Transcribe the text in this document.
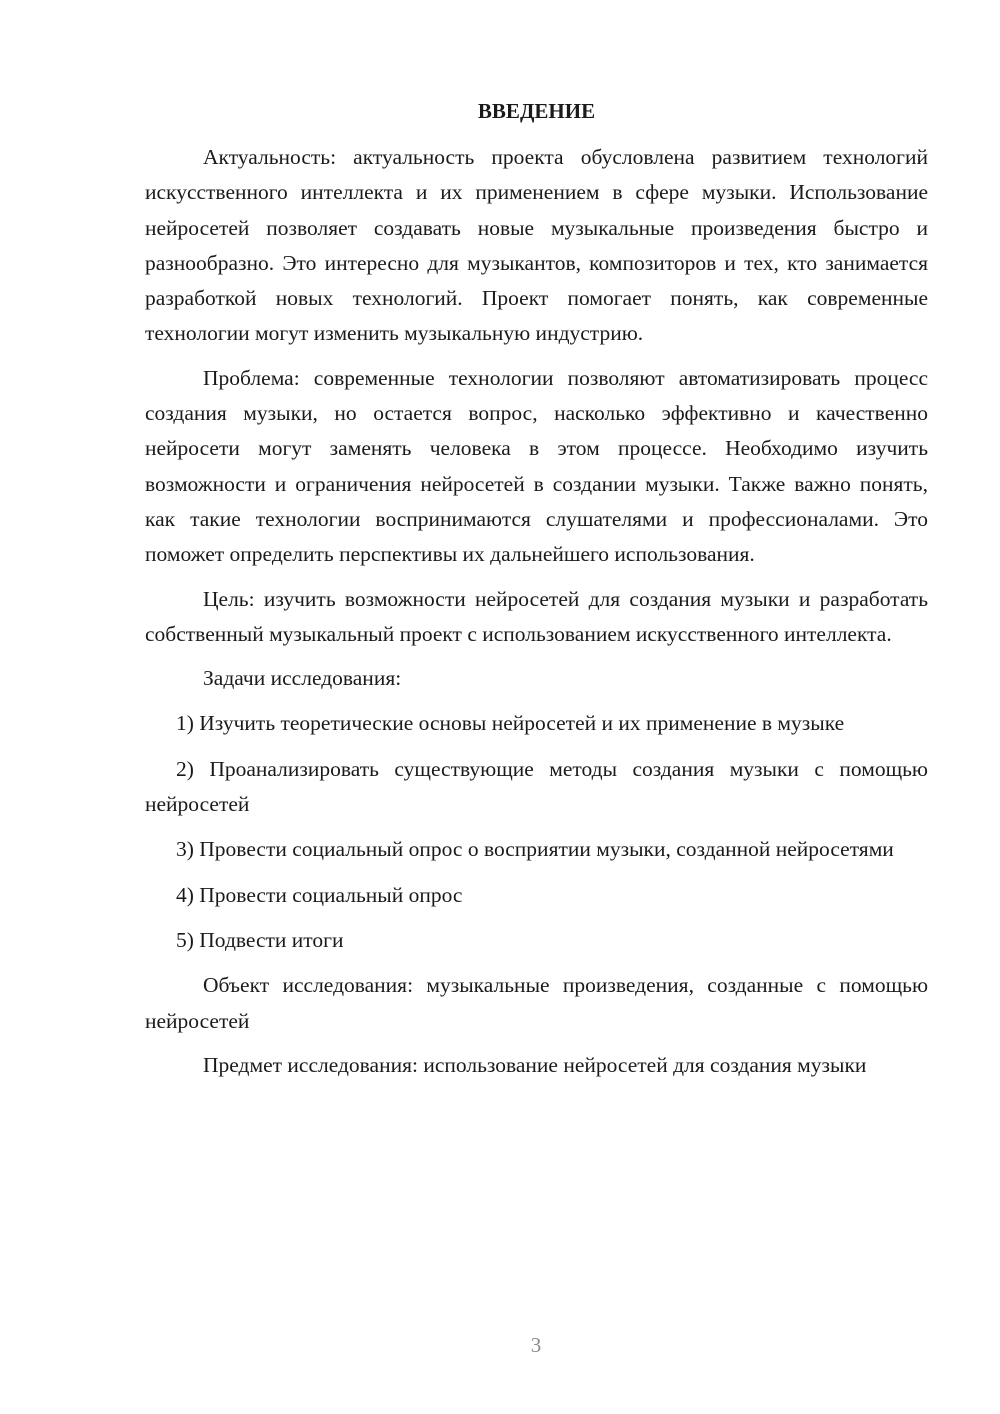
ВВЕДЕНИЕ

Актуальность: актуальность проекта обусловлена развитием технологий искусственного интеллекта и их применением в сфере музыки. Использование нейросетей позволяет создавать новые музыкальные произведения быстро и разнообразно. Это интересно для музыкантов, композиторов и тех, кто занимается разработкой новых технологий. Проект помогает понять, как современные технологии могут изменить музыкальную индустрию.

Проблема: современные технологии позволяют автоматизировать процесс создания музыки, но остается вопрос, насколько эффективно и качественно нейросети могут заменять человека в этом процессе. Необходимо изучить возможности и ограничения нейросетей в создании музыки. Также важно понять, как такие технологии воспринимаются слушателями и профессионалами. Это поможет определить перспективы их дальнейшего использования.

Цель: изучить возможности нейросетей для создания музыки и разработать собственный музыкальный проект с использованием искусственного интеллекта.

Задачи исследования:

1) Изучить теоретические основы нейросетей и их применение в музыке

2) Проанализировать существующие методы создания музыки с помощью нейросетей

3) Провести социальный опрос о восприятии музыки, созданной нейросетями

4) Провести социальный опрос

5) Подвести итоги

Объект исследования: музыкальные произведения, созданные с помощью нейросетей

Предмет исследования: использование нейросетей для создания музыки

3
